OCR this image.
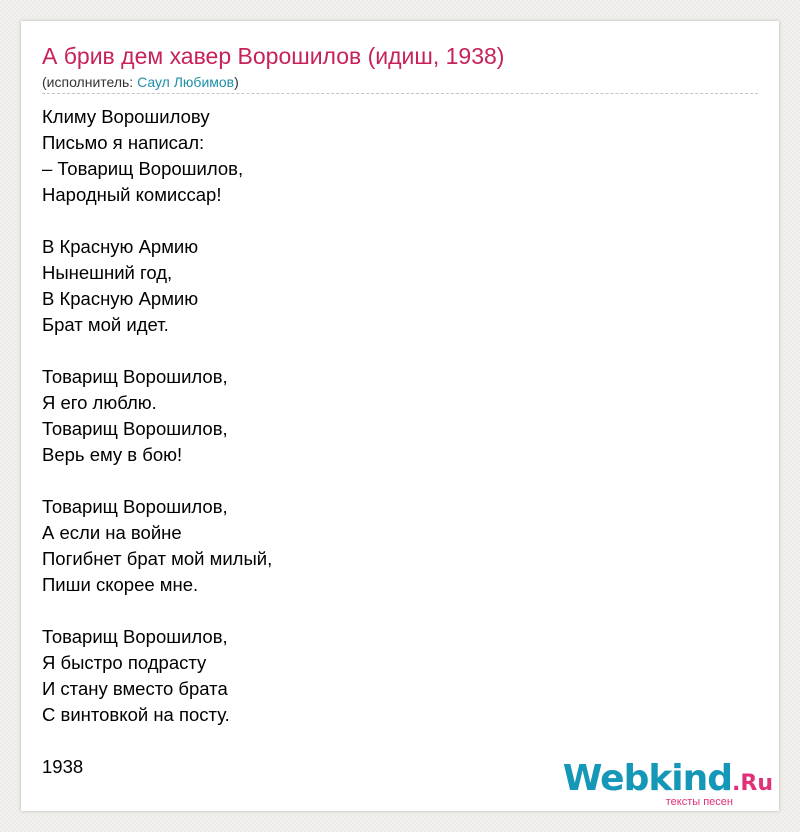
А брив дем хавер Ворошилов (идиш, 1938)
(исполнитель: Саул Любимов)
Климу Ворошилову
Письмо я написал:
– Товарищ Ворошилов,
Народный комиссар!
В Красную Армию
Нынешний год,
В Красную Армию
Брат мой идет.
Товарищ Ворошилов,
Я его люблю.
Товарищ Ворошилов,
Верь ему в бою!
Товарищ Ворошилов,
А если на войне
Погибнет брат мой милый,
Пиши скорее мне.
Товарищ Ворошилов,
Я быстро подрасту
И стану вместо брата
С винтовкой на посту.
1938	Webkind.Ru
тексты песен
